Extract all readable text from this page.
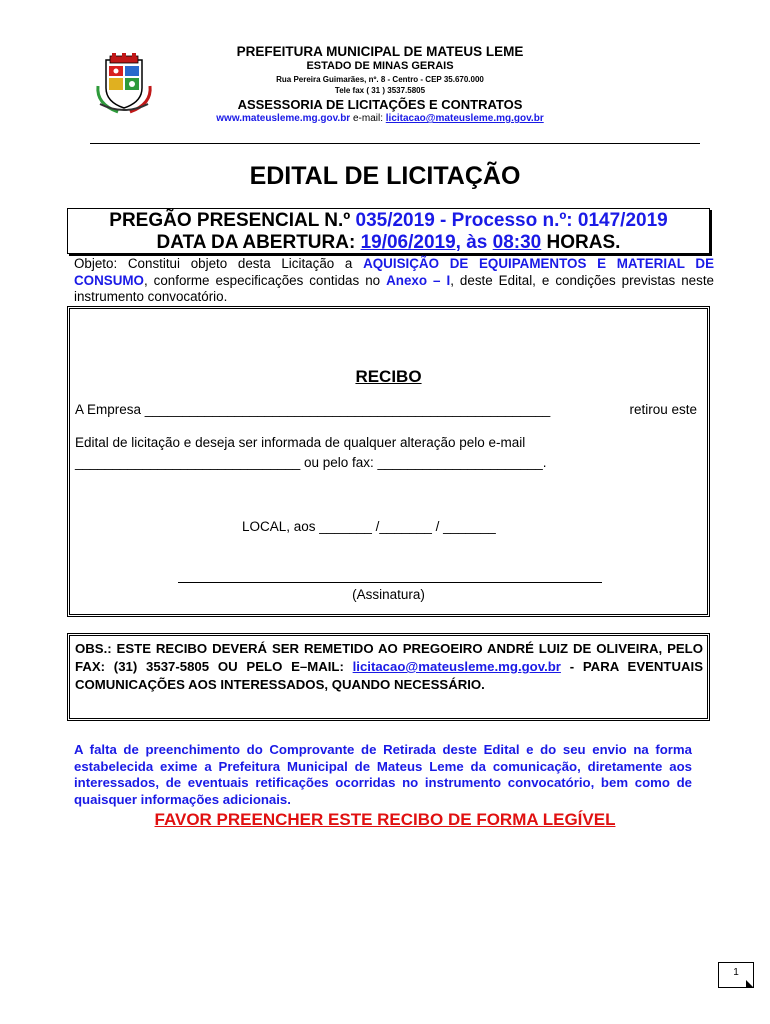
PREFEITURA MUNICIPAL DE MATEUS LEME
ESTADO DE MINAS GERAIS
Rua Pereira Guimarães, nº. 8 - Centro - CEP 35.670.000
Tele fax ( 31 ) 3537.5805
ASSESSORIA DE LICITAÇÕES E CONTRATOS
www.mateusleme.mg.gov.br e-mail: licitacao@mateusleme.mg.gov.br
EDITAL DE LICITAÇÃO
PREGÃO PRESENCIAL N.º 035/2019 - Processo n.º: 0147/2019
DATA DA ABERTURA: 19/06/2019, às 08:30 HORAS.
Objeto: Constitui objeto desta Licitação a AQUISIÇÃO DE EQUIPAMENTOS E MATERIAL DE CONSUMO, conforme especificações contidas no Anexo – I, deste Edital, e condições previstas neste instrumento convocatório.
RECIBO
A Empresa ______________________________________________________	retirou este
Edital de licitação e deseja ser informada de qualquer alteração pelo e-mail
______________________________ ou pelo fax: ______________________.
LOCAL, aos _______ /_______ / _______
(Assinatura)
OBS.: ESTE RECIBO DEVERÁ SER REMETIDO AO PREGOEIRO ANDRÉ LUIZ DE OLIVEIRA, PELO FAX: (31) 3537-5805 OU PELO E–MAIL: licitacao@mateusleme.mg.gov.br - PARA EVENTUAIS COMUNICAÇÕES AOS INTERESSADOS, QUANDO NECESSÁRIO.
A falta de preenchimento do Comprovante de Retirada deste Edital e do seu envio na forma estabelecida exime a Prefeitura Municipal de Mateus Leme da comunicação, diretamente aos interessados, de eventuais retificações ocorridas no instrumento convocatório, bem como de quaisquer informações adicionais.
FAVOR PREENCHER ESTE RECIBO DE FORMA LEGÍVEL
1
